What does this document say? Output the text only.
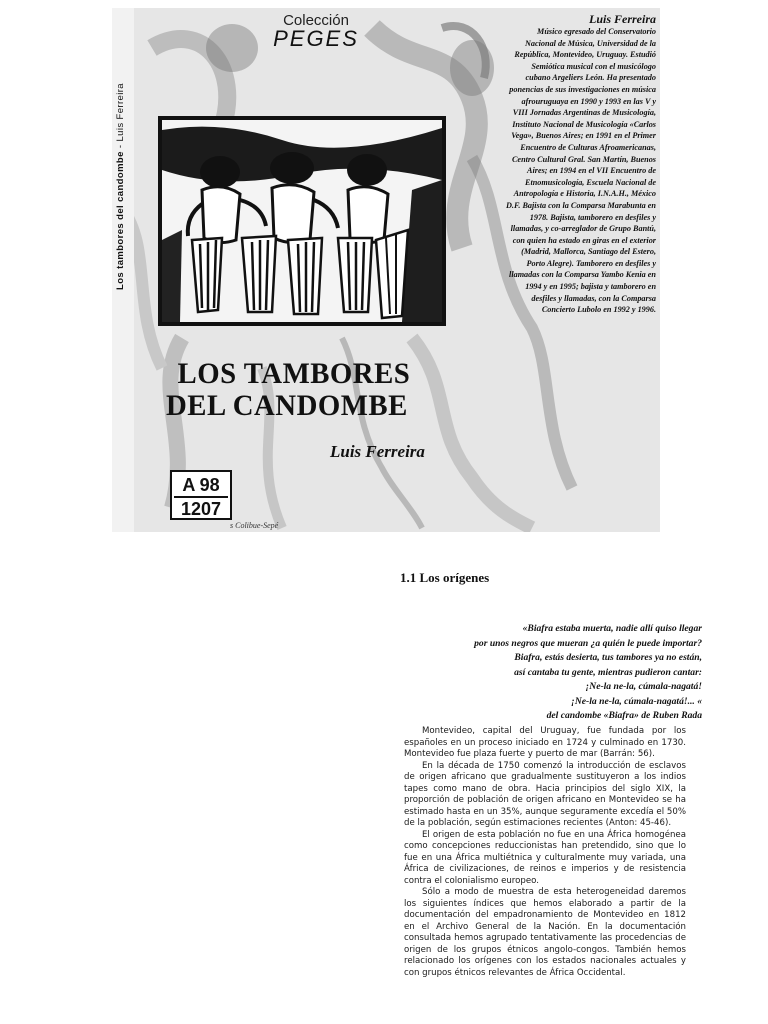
Los tambores del candombe - Luis Ferreira
Colección
PEGES
LOS TAMBORES
DEL CANDOMBE
Luis Ferreira
A 98
1207
s Colibue-Sepé
Luis Ferreira
Músico egresado del Conservatorio Nacional de Música, Universidad de la República, Montevideo, Uruguay. Estudió Semiótica musical con el musicólogo cubano Argeliers León. Ha presentado ponencias de sus investigaciones en música afrouruguaya en 1990 y 1993 en las V y VIII Jornadas Argentinas de Musicología, Instituto Nacional de Musicología «Carlos Vega», Buenos Aires; en 1991 en el Primer Encuentro de Culturas Afroamericanas, Centro Cultural Gral. San Martín, Buenos Aires; en 1994 en el VII Encuentro de Etnomusicología, Escuela Nacional de Antropología e Historia, I.N.A.H., México D.F. Bajista con la Comparsa Marabunta en 1978. Bajista, tamborero en desfiles y llamadas, y co-arreglador de Grupo Bantú, con quien ha estado en giras en el exterior (Madrid, Mallorca, Santiago del Estero, Porto Alegre). Tamborero en desfiles y llamadas con la Comparsa Yambo Kenia en 1994 y en 1995; bajista y tamborero en desfiles y llamadas, con la Comparsa Concierto Lubolo en 1992 y 1996.
1.1 Los orígenes
«Biafra estaba muerta, nadie allí quiso llegar
por unos negros que mueran ¿a quién le puede importar?
Biafra, estás desierta, tus tambores ya no están,
así cantaba tu gente, mientras pudieron cantar:
¡Ne-la ne-la, cúmala-nagatá!
¡Ne-la ne-la, cúmala-nagatá!... «
del candombe «Biafra» de Ruben Rada

Montevideo, capital del Uruguay, fue fundada por los españoles en un proceso iniciado en 1724 y culminado en 1730. Montevideo fue plaza fuerte y puerto de mar (Barrán: 56).

En la década de 1750 comenzó la introducción de esclavos de origen africano que gradualmente sustituyeron a los indios tapes como mano de obra. Hacia principios del siglo XIX, la proporción de población de origen africano en Montevideo se ha estimado hasta en un 35%, aunque seguramente excedía el 50% de la población, según estimaciones recientes (Anton: 45-46).

El origen de esta población no fue en una África homogénea como concepciones reduccionistas han pretendido, sino que lo fue en una África multiétnica y culturalmente muy variada, una África de civilizaciones, de reinos e imperios y de resistencia contra el colonialismo europeo.

Sólo a modo de muestra de esta heterogeneidad daremos los siguientes índices que hemos elaborado a partir de la documentación del empadronamiento de Montevideo en 1812 en el Archivo General de la Nación. En la documentación consultada hemos agrupado tentativamente las procedencias de origen de los grupos étnicos angolo-congos. También hemos relacionado los orígenes con los estados nacionales actuales y con grupos étnicos relevantes de África Occidental.
